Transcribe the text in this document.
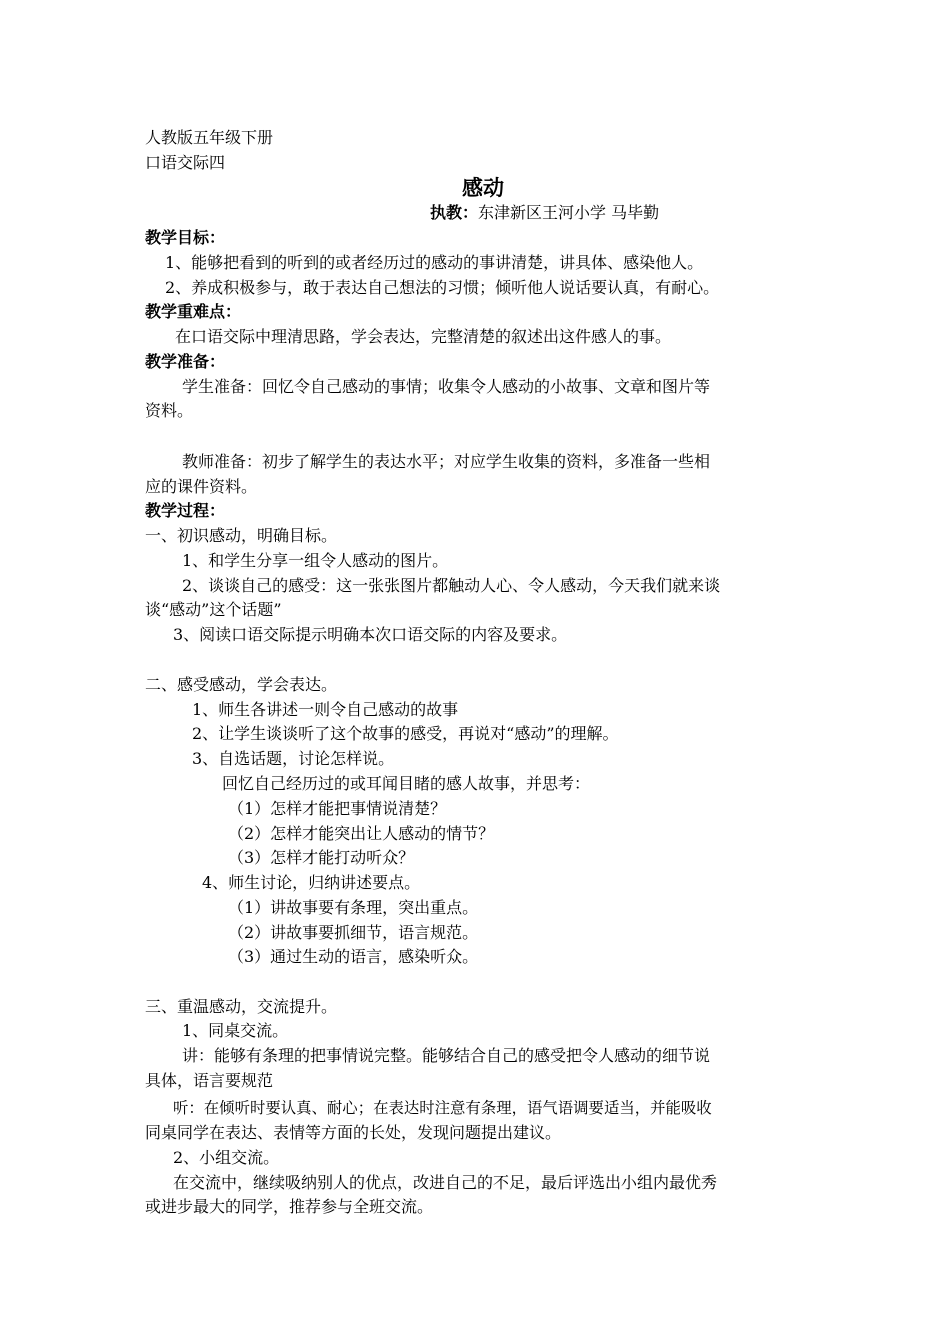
人教版五年级下册
口语交际四
感动
执教：东津新区王河小学 马毕勤
教学目标：
1、能够把看到的听到的或者经历过的感动的事讲清楚，讲具体、感染他人。
2、养成积极参与，敢于表达自己想法的习惯；倾听他人说话要认真，有耐心。
教学重难点：
在口语交际中理清思路，学会表达，完整清楚的叙述出这件感人的事。
教学准备：
学生准备：回忆令自己感动的事情；收集令人感动的小故事、文章和图片等
资料。
教师准备：初步了解学生的表达水平；对应学生收集的资料，多准备一些相
应的课件资料。
教学过程：
一、初识感动，明确目标。
1、和学生分享一组令人感动的图片。
2、谈谈自己的感受：这一张张图片都触动人心、令人感动，今天我们就来谈
谈“感动”这个话题”
3、阅读口语交际提示明确本次口语交际的内容及要求。
二、感受感动，学会表达。
1、师生各讲述一则令自己感动的故事
2、让学生谈谈听了这个故事的感受，再说对“感动”的理解。
3、自选话题，讨论怎样说。
回忆自己经历过的或耳闻目睹的感人故事，并思考：
（1）怎样才能把事情说清楚？
（2）怎样才能突出让人感动的情节？
（3）怎样才能打动听众？
4、师生讨论，归纳讲述要点。
（1）讲故事要有条理，突出重点。
（2）讲故事要抓细节，语言规范。
（3）通过生动的语言，感染听众。
三、重温感动，交流提升。
1、同桌交流。
讲：能够有条理的把事情说完整。能够结合自己的感受把令人感动的细节说
具体，语言要规范
听：在倾听时要认真、耐心；在表达时注意有条理，语气语调要适当，并能吸收
同桌同学在表达、表情等方面的长处，发现问题提出建议。
2、小组交流。
在交流中，继续吸纳别人的优点，改进自己的不足，最后评选出小组内最优秀
或进步最大的同学，推荐参与全班交流。
